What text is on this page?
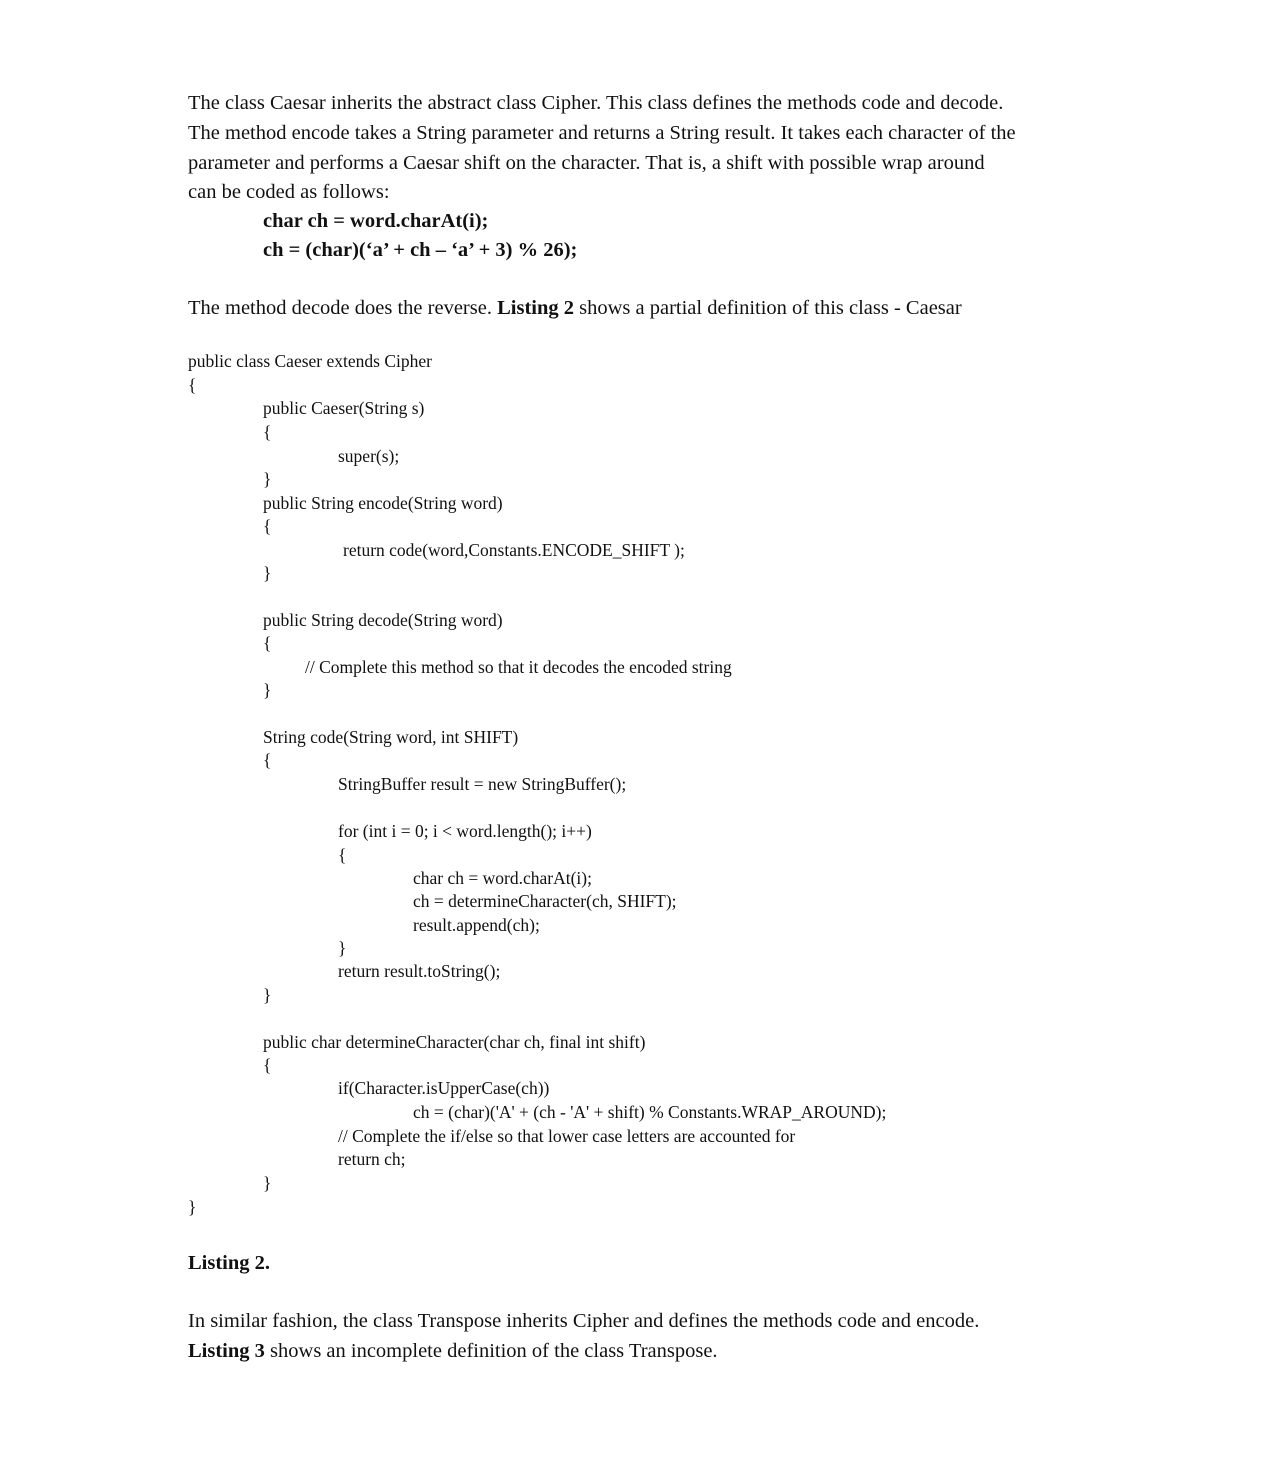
The class Caesar inherits the abstract class Cipher. This class defines the methods code and decode.
The method encode takes a String parameter and returns a String result. It takes each character of the
parameter and performs a Caesar shift on the character. That is, a shift with possible wrap around
can be coded as follows:
char ch = word.charAt(i);
ch = (char)(‘a’ + ch – ‘a’ + 3) % 26);
The method decode does the reverse. Listing 2 shows a partial definition of this class - Caesar
public class Caeser extends Cipher
{
public Caeser(String s)
{
super(s);
}
public String encode(String word)
{
return code(word,Constants.ENCODE_SHIFT );
}
public String decode(String word)
{
// Complete this method so that it decodes the encoded string
}
String code(String word, int SHIFT)
{
StringBuffer result = new StringBuffer();
for (int i = 0; i < word.length(); i++)
{
char ch = word.charAt(i);
ch = determineCharacter(ch, SHIFT);
result.append(ch);
}
return result.toString();
}
public char determineCharacter(char ch, final int shift)
{
if(Character.isUpperCase(ch))
ch = (char)('A' + (ch - 'A' + shift) % Constants.WRAP_AROUND);
// Complete the if/else so that lower case letters are accounted for
return ch;
}
}
Listing 2.
In similar fashion, the class Transpose inherits Cipher and defines the methods code and encode.
Listing 3 shows an incomplete definition of the class Transpose.
